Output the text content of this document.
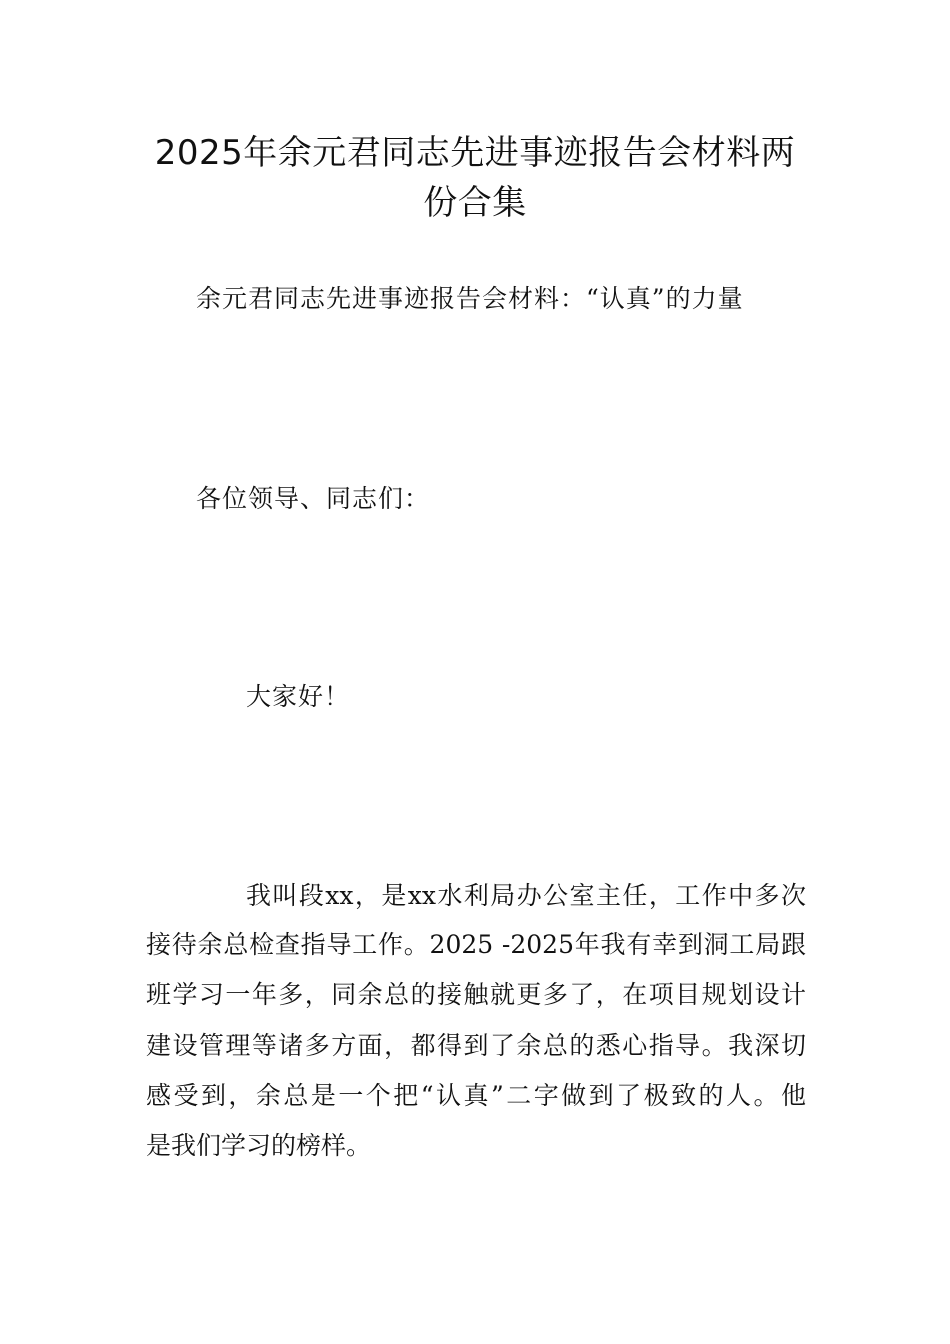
2025年余元君同志先进事迹报告会材料两
份合集

余元君同志先进事迹报告会材料：“认真”的力量

各位领导、同志们：

大家好！

我叫段xx，是xx水利局办公室主任，工作中多次

接待余总检查指导工作。2025 -2025年我有幸到洞工局跟

班学习一年多，同余总的接触就更多了，在项目规划设计

建设管理等诸多方面，都得到了余总的悉心指导。我深切

感受到，余总是一个把“认真”二字做到了极致的人。他

是我们学习的榜样。
